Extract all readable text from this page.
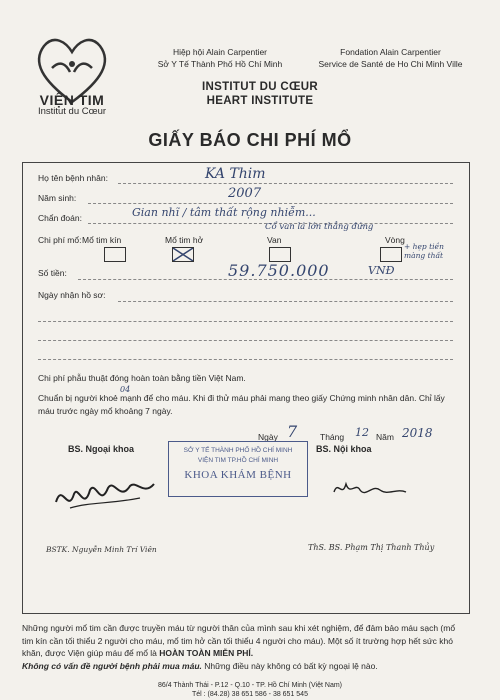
VIỆN TIM
Institut du Cœur
Hiệp hội Alain Carpentier
Sở Y Tế Thành Phố Hồ Chí Minh
Fondation Alain Carpentier
Service de Santé de Ho Chi Minh Ville
INSTITUT DU CŒUR
HEART INSTITUTE
GIẤY BÁO CHI PHÍ MỔ
Họ tên bệnh nhân:	KA Thim
Năm sinh:	2007
Chẩn đoán:	Gian nhĩ / tâm thất rộng nhiễm...
Cổ van lá lớn thẳng đứng
Chi phí mổ: Mổ tim kín	Mổ tim hở	Van	Vòng
+ hẹp tiền màng thất
Số tiền:	59.750.000	VNĐ
Ngày nhận hồ sơ:
Chi phí phẫu thuật đóng hoàn toàn bằng tiền Việt Nam.
04
Chuẩn bị người khoẻ mạnh để cho máu. Khi đi thử máu phải mang theo giấy Chứng minh nhân dân. Chỉ lấy máu trước ngày mổ khoảng 7 ngày.
Ngày 7	Tháng 12 Năm 2018
BS. Ngoại khoa	BS. Nội khoa
SỞ Y TẾ THÀNH PHỐ HỒ CHÍ MINH
VIỆN TIM TP.HỒ CHÍ MINH
KHOA KHÁM BỆNH
BSTK. Nguyễn Minh Trí Viên	ThS. BS. Phạm Thị Thanh Thủy
Những người mổ tim cần được truyền máu từ người thân của mình sau khi xét nghiệm, để đảm bảo máu sạch (mổ tim kín cần tối thiểu 2 người cho máu, mổ tim hở cần tối thiểu 4 người cho máu). Một số ít trường hợp hết sức khó khăn, được Viện giúp máu để mổ là HOÀN TOÀN MIỄN PHÍ.
Không có vấn đề người bệnh phải mua máu. Những điều này không có bất kỳ ngoại lệ nào.
86/4 Thành Thái - P.12 - Q.10 - TP. Hồ Chí Minh (Việt Nam)
Tél : (84.28) 38 651 586 - 38 651 545
